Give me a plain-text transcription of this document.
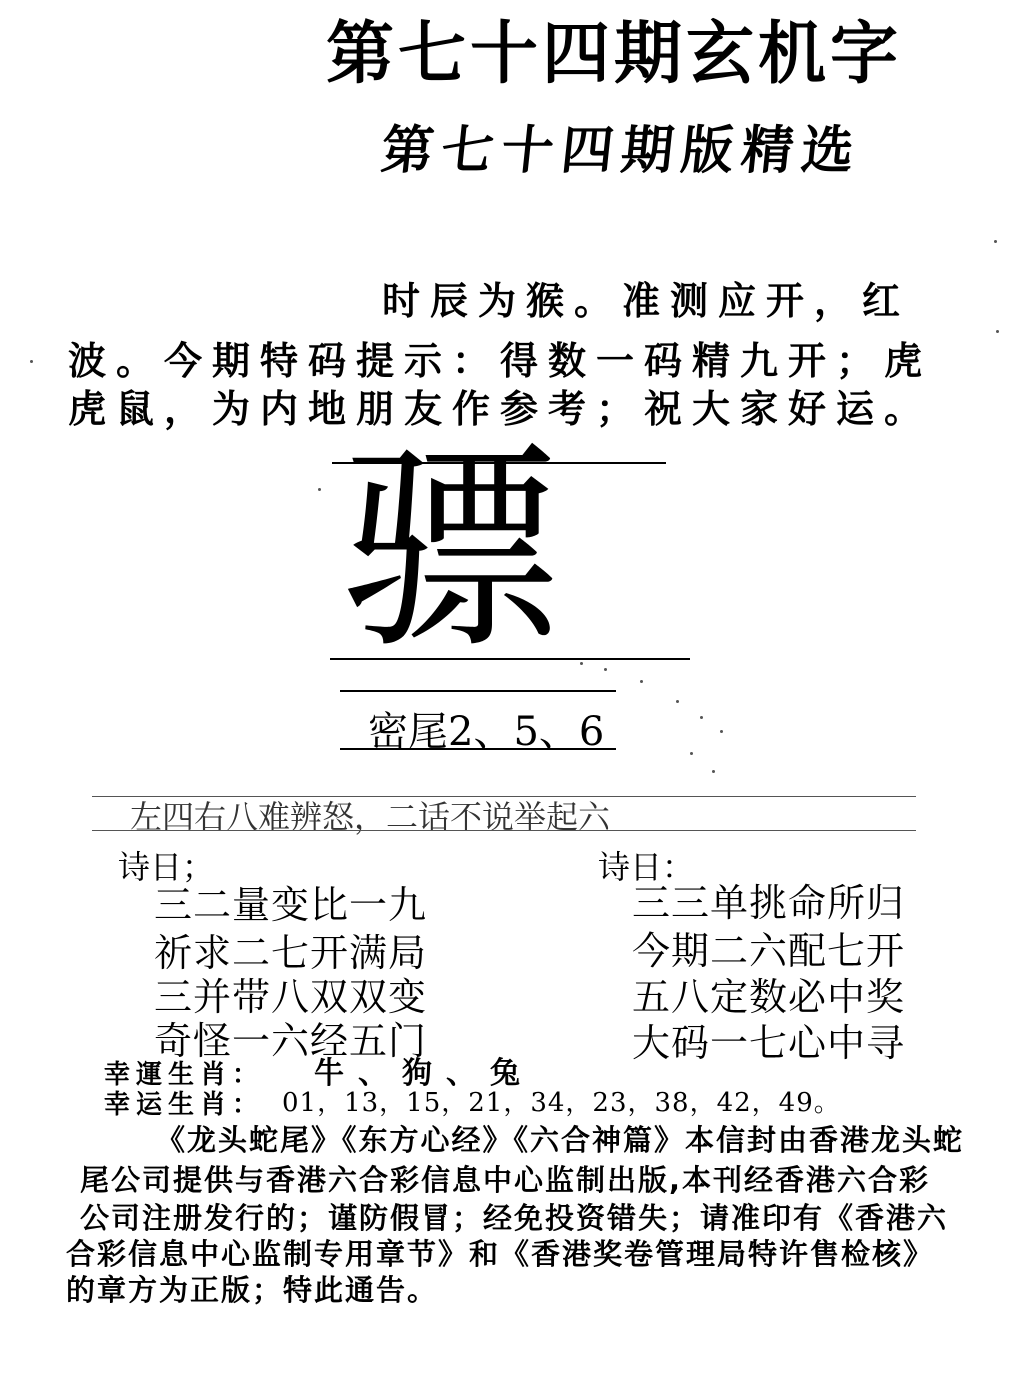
第七十四期玄机字
第七十四期版精选
时辰为猴。准测应开，红
波。今期特码提示：得数一码精九开；虎
虎鼠，为内地朋友作参考；祝大家好运。
骠
密尾2、5、6
左四右八难辨怒，二话不说举起六
诗日；
三二量变比一九
祈求二七开满局
三并带八双双变
奇怪一六经五门
诗日：
三三单挑命所归
今期二六配七开
五八定数必中奖
大码一七心中寻
幸運生肖： 牛、狗、兔
幸运生肖： 01，13，15，21，34，23，38，42，49。
《龙头蛇尾》《东方心经》《六合神篇》本信封由香港龙头蛇
尾公司提供与香港六合彩信息中心监制出版,本刊经香港六合彩
公司注册发行的；谨防假冒；经免投资错失；请准印有《香港六
合彩信息中心监制专用章节》和《香港奖卷管理局特许售检核》
的章方为正版；特此通告。
